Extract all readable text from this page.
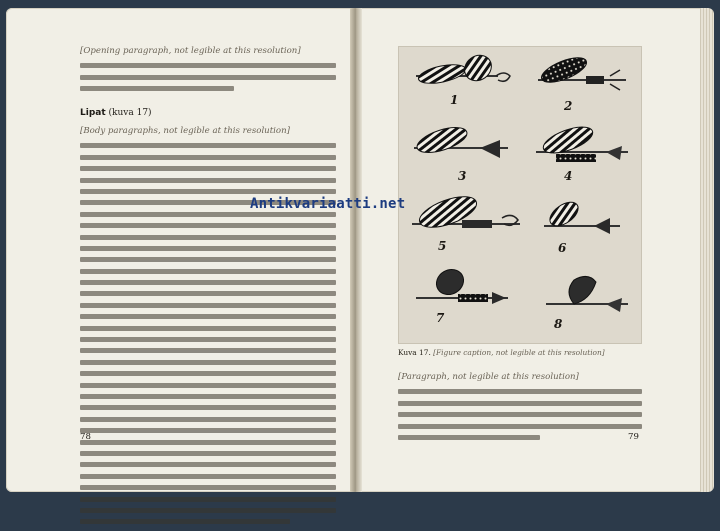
[Opening paragraph, not legible at this resolution]

Lipat (kuva 17)

[Body paragraphs, not legible at this resolution]

78
1	2
3	4
5	6
7	8

Kuva 17. [Figure caption, not legible at this resolution]

[Paragraph, not legible at this resolution]

79
Antikvariaatti.net
